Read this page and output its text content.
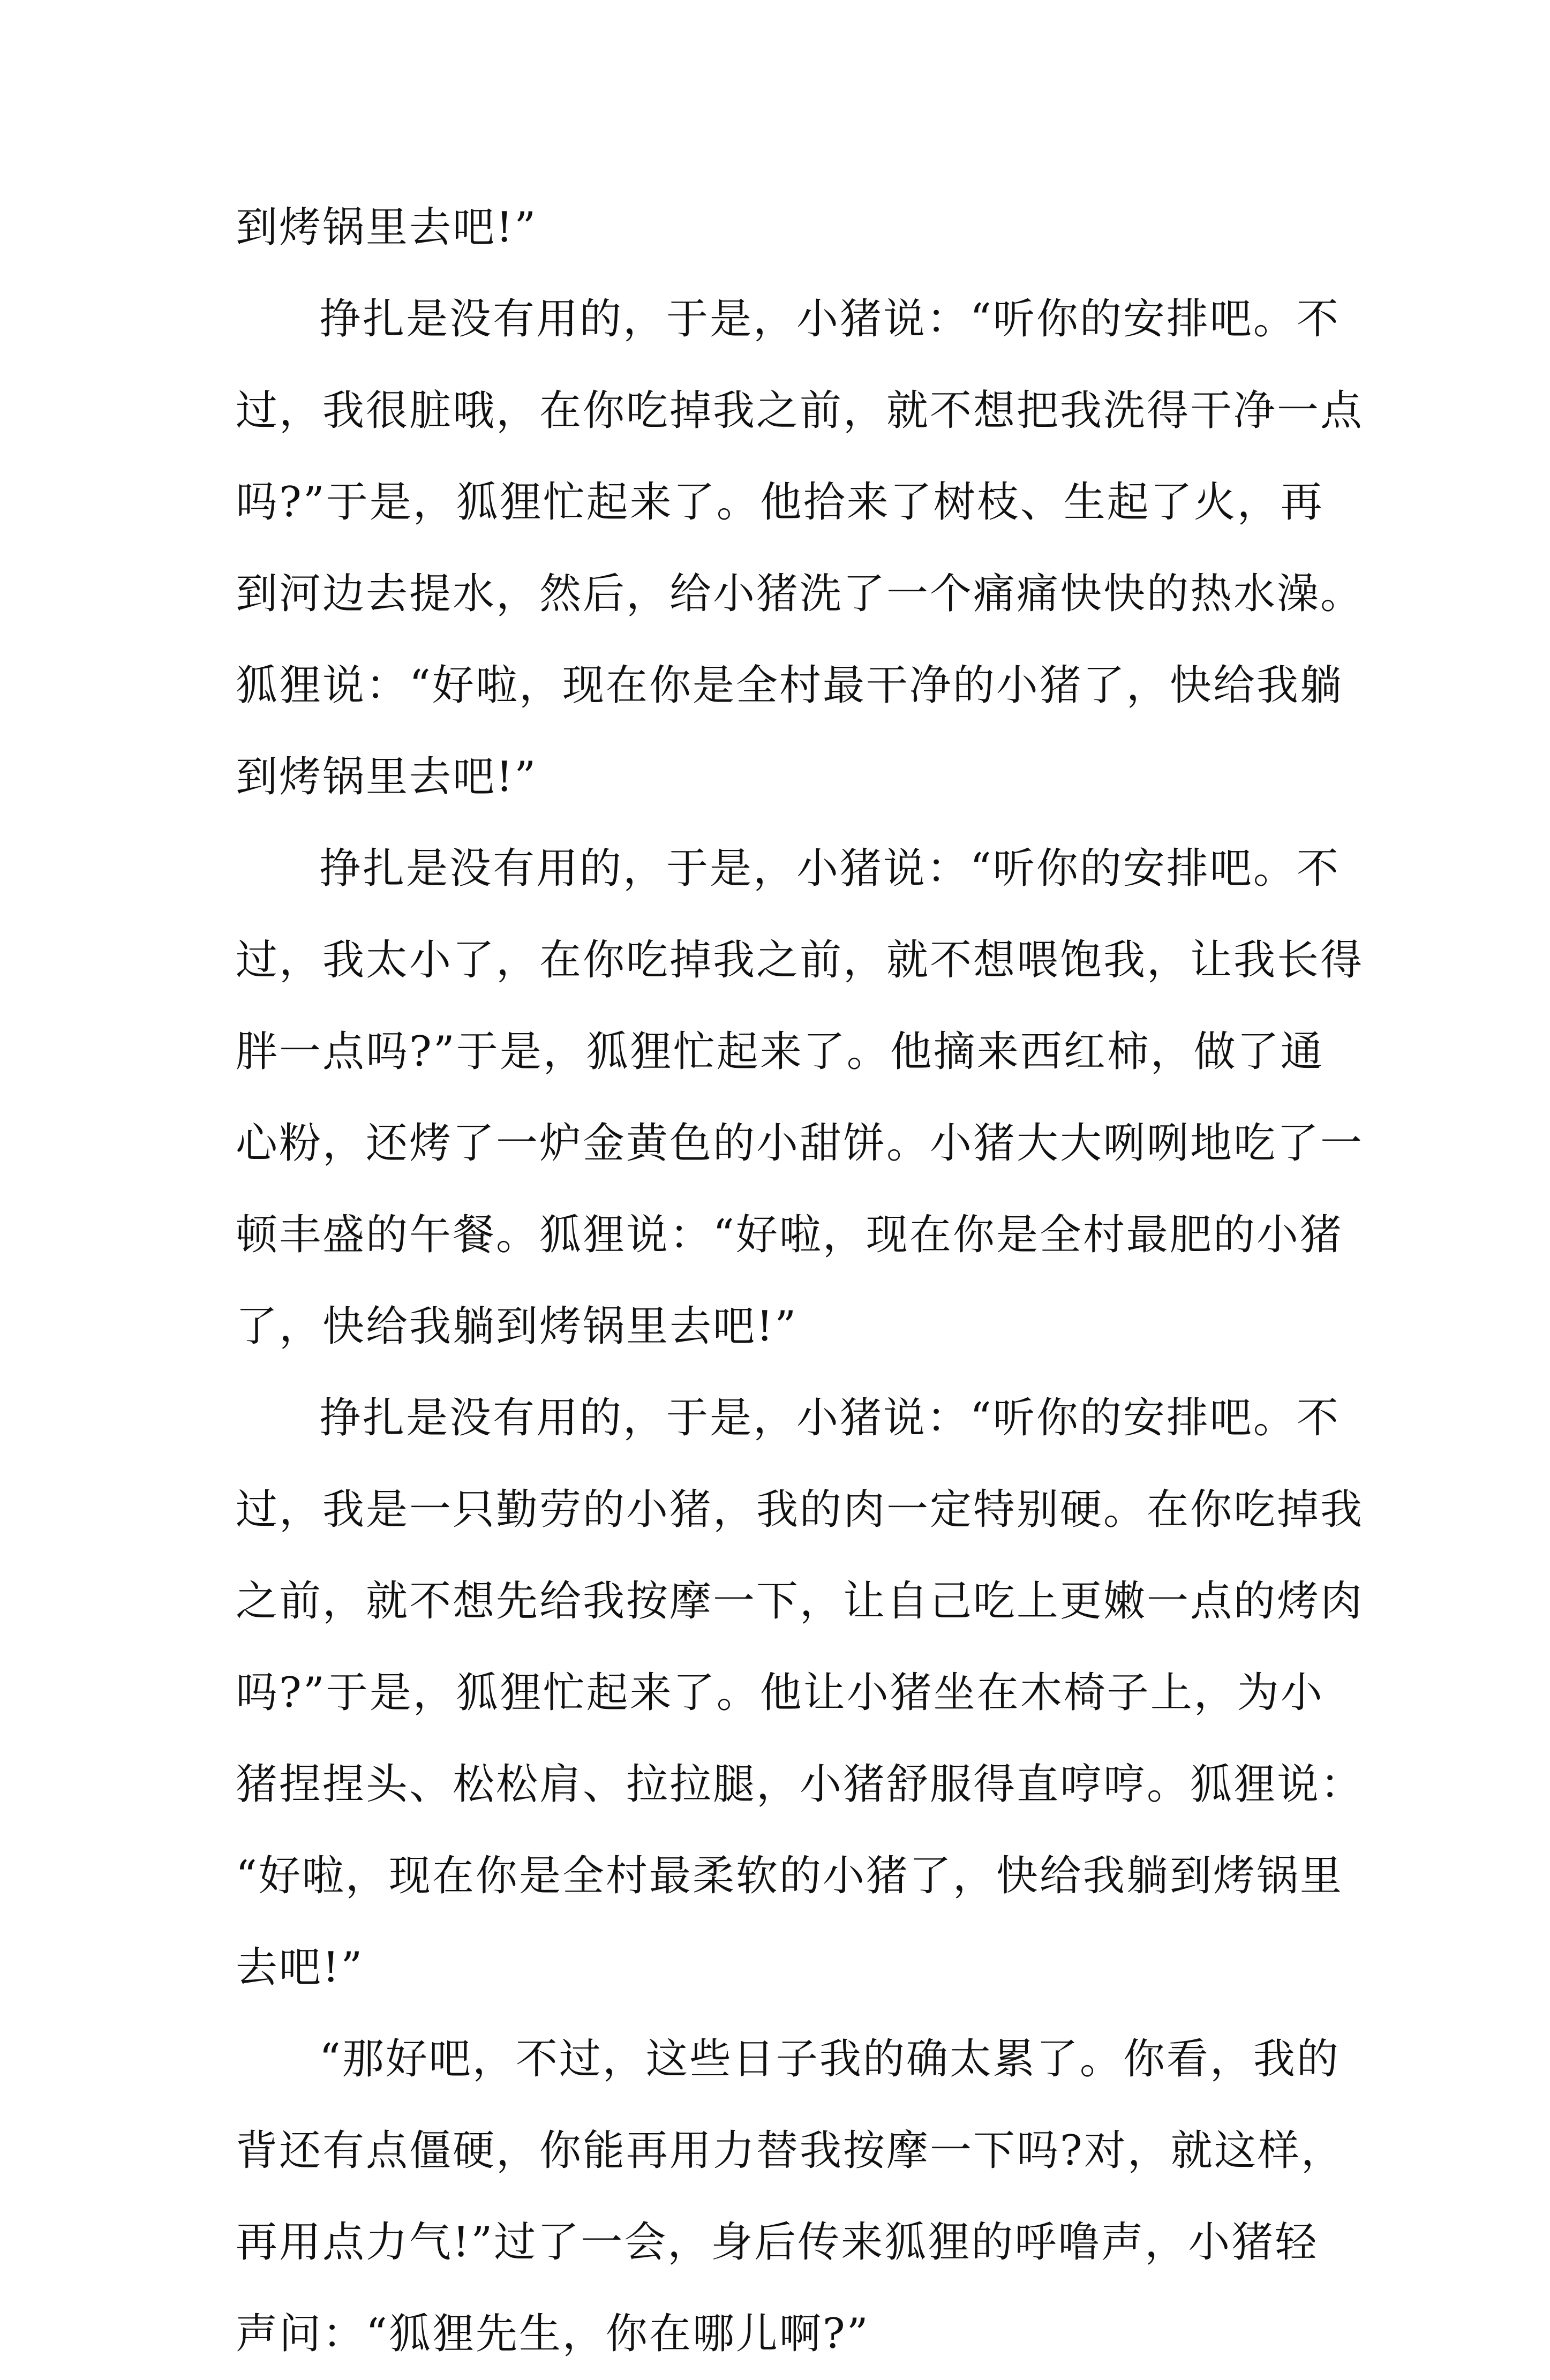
到烤锅里去吧!”
挣扎是没有用的，于是，小猪说：“听你的安排吧。不
过，我很脏哦，在你吃掉我之前，就不想把我洗得干净一点
吗?”于是，狐狸忙起来了。他拾来了树枝、生起了火，再
到河边去提水，然后，给小猪洗了一个痛痛快快的热水澡。
狐狸说：“好啦，现在你是全村最干净的小猪了，快给我躺
到烤锅里去吧!”
挣扎是没有用的，于是，小猪说：“听你的安排吧。不
过，我太小了，在你吃掉我之前，就不想喂饱我，让我长得
胖一点吗?”于是，狐狸忙起来了。他摘来西红柿，做了通
心粉，还烤了一炉金黄色的小甜饼。小猪大大咧咧地吃了一
顿丰盛的午餐。狐狸说：“好啦，现在你是全村最肥的小猪
了，快给我躺到烤锅里去吧!”
挣扎是没有用的，于是，小猪说：“听你的安排吧。不
过，我是一只勤劳的小猪，我的肉一定特别硬。在你吃掉我
之前，就不想先给我按摩一下，让自己吃上更嫩一点的烤肉
吗?”于是，狐狸忙起来了。他让小猪坐在木椅子上，为小
猪捏捏头、松松肩、拉拉腿，小猪舒服得直哼哼。狐狸说：
“好啦，现在你是全村最柔软的小猪了，快给我躺到烤锅里
去吧!”
“那好吧，不过，这些日子我的确太累了。你看，我的
背还有点僵硬，你能再用力替我按摩一下吗?对，就这样，
再用点力气!”过了一会，身后传来狐狸的呼噜声，小猪轻
声问：“狐狸先生，你在哪儿啊?”
